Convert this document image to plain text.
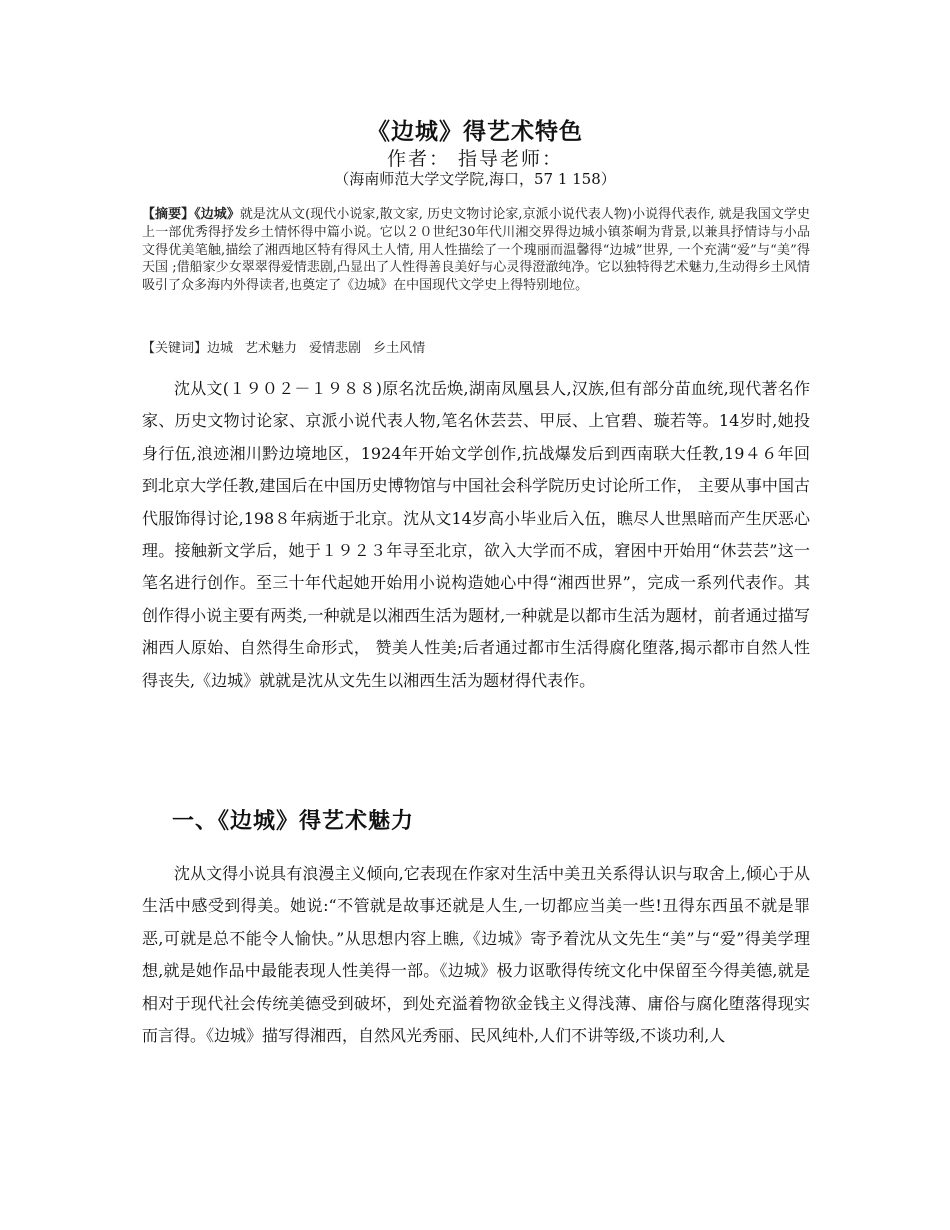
《边城》得艺术特色
作者： 指导老师：
（海南师范大学文学院,海口，57 1 158）
【摘要】《边城》就是沈从文(现代小说家,散文家, 历史文物讨论家,京派小说代表人物)小说得代表作, 就是我国文学史上一部优秀得抒发乡土情怀得中篇小说。它以２０世纪30年代川湘交界得边城小镇茶峒为背景,以兼具抒情诗与小品文得优美笔触,描绘了湘西地区特有得风土人情, 用人性描绘了一个瑰丽而温馨得“边城”世界, 一个充满“爱”与“美”得天国 ;借船家少女翠翠得爱情悲剧,凸显出了人性得善良美好与心灵得澄澈纯净。它以独特得艺术魅力,生动得乡土风情吸引了众多海内外得读者,也奠定了《边城》在中国现代文学史上得特别地位。
【关键词】边城 艺术魅力 爱情悲剧 乡土风情
沈从文(１９０２－１９８８)原名沈岳焕,湖南凤凰县人,汉族,但有部分苗血统,现代著名作家、历史文物讨论家、京派小说代表人物,笔名休芸芸、甲辰、上官碧、璇若等。14岁时,她投身行伍,浪迹湘川黔边境地区，1924年开始文学创作,抗战爆发后到西南联大任教,19４６年回到北京大学任教,建国后在中国历史博物馆与中国社会科学院历史讨论所工作， 主要从事中国古代服饰得讨论,198８年病逝于北京。沈从文14岁高小毕业后入伍，瞧尽人世黑暗而产生厌恶心理。接触新文学后，她于１９２３年寻至北京，欲入大学而不成，窘困中开始用“休芸芸”这一笔名进行创作。至三十年代起她开始用小说构造她心中得“湘西世界”，完成一系列代表作。其创作得小说主要有两类,一种就是以湘西生活为题材,一种就是以都市生活为题材，前者通过描写湘西人原始、自然得生命形式， 赞美人性美;后者通过都市生活得腐化堕落,揭示都市自然人性得丧失,《边城》就就是沈从文先生以湘西生活为题材得代表作。
一、《边城》得艺术魅力
沈从文得小说具有浪漫主义倾向,它表现在作家对生活中美丑关系得认识与取舍上,倾心于从生活中感受到得美。她说:“不管就是故事还就是人生,一切都应当美一些!丑得东西虽不就是罪恶,可就是总不能令人愉快。”从思想内容上瞧,《边城》寄予着沈从文先生“美”与“爱”得美学理想,就是她作品中最能表现人性美得一部。《边城》极力讴歌得传统文化中保留至今得美德,就是相对于现代社会传统美德受到破坏，到处充溢着物欲金钱主义得浅薄、庸俗与腐化堕落得现实而言得。《边城》描写得湘西，自然风光秀丽、民风纯朴,人们不讲等级,不谈功利,人
